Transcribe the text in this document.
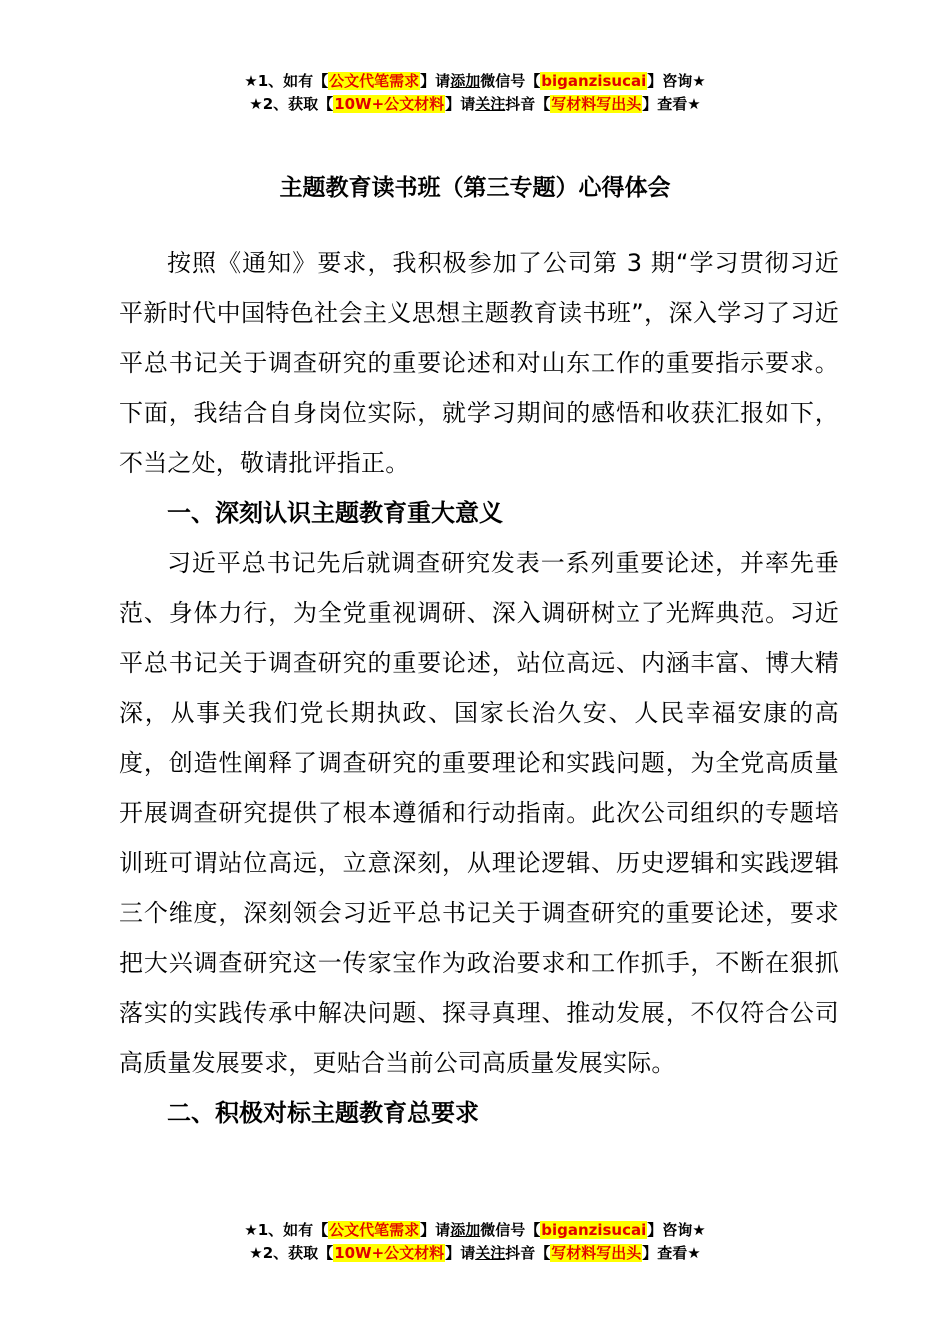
★1、如有【公文代笔需求】请添加微信号【biganzisucai】咨询★
★2、获取【10W+公文材料】请关注抖音【写材料写出头】查看★
主题教育读书班（第三专题）心得体会

按照《通知》要求，我积极参加了公司第 3 期“学习贯彻习近平新时代中国特色社会主义思想主题教育读书班”，深入学习了习近平总书记关于调查研究的重要论述和对山东工作的重要指示要求。下面，我结合自身岗位实际，就学习期间的感悟和收获汇报如下，不当之处，敬请批评指正。

一、深刻认识主题教育重大意义

习近平总书记先后就调查研究发表一系列重要论述，并率先垂范、身体力行，为全党重视调研、深入调研树立了光辉典范。习近平总书记关于调查研究的重要论述，站位高远、内涵丰富、博大精深，从事关我们党长期执政、国家长治久安、人民幸福安康的高度，创造性阐释了调查研究的重要理论和实践问题，为全党高质量开展调查研究提供了根本遵循和行动指南。此次公司组织的专题培训班可谓站位高远，立意深刻，从理论逻辑、历史逻辑和实践逻辑三个维度，深刻领会习近平总书记关于调查研究的重要论述，要求把大兴调查研究这一传家宝作为政治要求和工作抓手，不断在狠抓落实的实践传承中解决问题、探寻真理、推动发展，不仅符合公司高质量发展要求，更贴合当前公司高质量发展实际。

二、积极对标主题教育总要求

★1、如有【公文代笔需求】请添加微信号【biganzisucai】咨询★
★2、获取【10W+公文材料】请关注抖音【写材料写出头】查看★
